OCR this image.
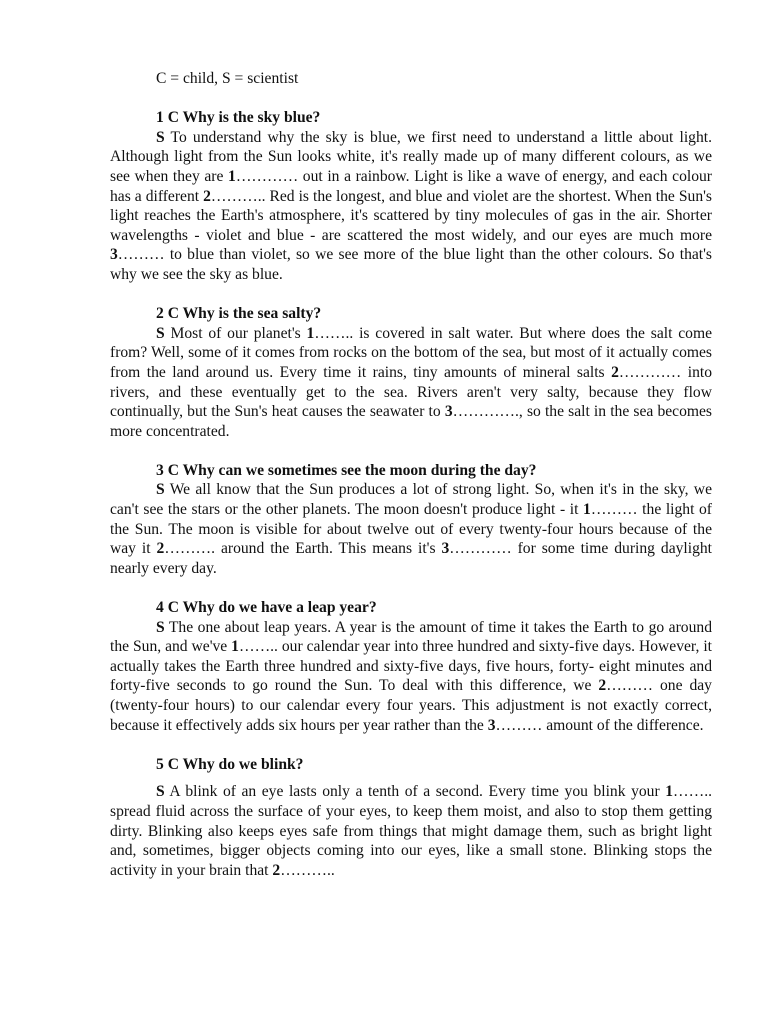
C = child, S = scientist

1 C Why is the sky blue?

S To understand why the sky is blue, we first need to understand a little about light. Although light from the Sun looks white, it's really made up of many different colours, as we see when they are 1………… out in a rainbow. Light is like a wave of energy, and each colour has a different 2……….. Red is the longest, and blue and violet are the shortest. When the Sun's light reaches the Earth's atmosphere, it's scattered by tiny molecules of gas in the air. Shorter wavelengths - violet and blue - are scattered the most widely, and our eyes are much more 3……… to blue than violet, so we see more of the blue light than the other colours. So that's why we see the sky as blue.

2 C Why is the sea salty?

S Most of our planet's 1…….. is covered in salt water. But where does the salt come from? Well, some of it comes from rocks on the bottom of the sea, but most of it actually comes from the land around us. Every time it rains, tiny amounts of mineral salts 2………… into rivers, and these eventually get to the sea. Rivers aren't very salty, because they flow continually, but the Sun's heat causes the seawater to 3…………., so the salt in the sea becomes more concentrated.

3 C Why can we sometimes see the moon during the day?

S We all know that the Sun produces a lot of strong light. So, when it's in the sky, we can't see the stars or the other planets. The moon doesn't produce light - it 1……… the light of the Sun. The moon is visible for about twelve out of every twenty-four hours because of the way it 2………. around the Earth. This means it's 3………… for some time during daylight nearly every day.

4 C Why do we have a leap year?

S The one about leap years. A year is the amount of time it takes the Earth to go around the Sun, and we've 1…….. our calendar year into three hundred and sixty-five days. However, it actually takes the Earth three hundred and sixty-five days, five hours, forty- eight minutes and forty-five seconds to go round the Sun. To deal with this difference, we 2……… one day (twenty-four hours) to our calendar every four years. This adjustment is not exactly correct, because it effectively adds six hours per year rather than the 3……… amount of the difference.

5 C Why do we blink?

S A blink of an eye lasts only a tenth of a second. Every time you blink your 1…….. spread fluid across the surface of your eyes, to keep them moist, and also to stop them getting dirty. Blinking also keeps eyes safe from things that might damage them, such as bright light and, sometimes, bigger objects coming into our eyes, like a small stone. Blinking stops the activity in your brain that 2………..
